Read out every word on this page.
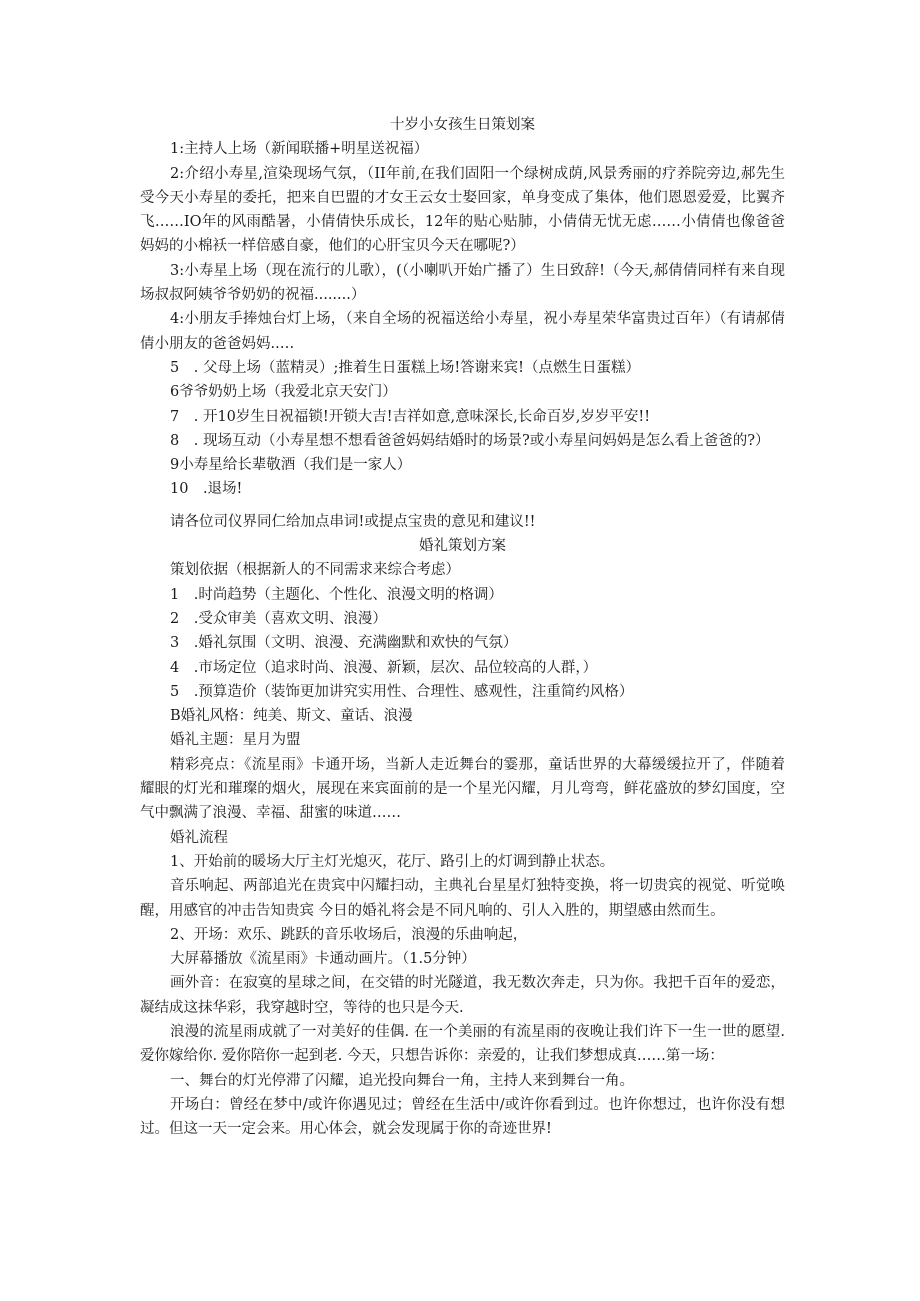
十岁小女孩生日策划案

1:主持人上场（新闻联播+明星送祝福）

2:介绍小寿星,渲染现场气氛，（II年前,在我们固阳一个绿树成荫,风景秀丽的疗养院旁边,郝先生受今天小寿星的委托，把来自巴盟的才女王云女士娶回家，单身变成了集体，他们恩恩爱爱，比翼齐飞……IO年的风雨酷暑，小倩倩快乐成长，12年的贴心贴肺，小倩倩无忧无虑……小倩倩也像爸爸妈妈的小棉袄一样倍感自豪，他们的心肝宝贝今天在哪呢?）

3:小寿星上场（现在流行的儿歌），(（小喇叭开始广播了）生日致辞!（今天,郝倩倩同样有来自现场叔叔阿姨爷爷奶奶的祝福........）

4:小朋友手捧烛台灯上场，（来自全场的祝福送给小寿星，祝小寿星荣华富贵过百年）（有请郝倩倩小朋友的爸爸妈妈..…

5　. 父母上场（蓝精灵）;推着生日蛋糕上场!答谢来宾!（点燃生日蛋糕）

6爷爷奶奶上场（我爱北京天安门）

7　. 开10岁生日祝福锁!开锁大吉!吉祥如意,意味深长,长命百岁,岁岁平安!!

8　. 现场互动（小寿星想不想看爸爸妈妈结婚时的场景?或小寿星问妈妈是怎么看上爸爸的?）

9小寿星给长辈敬酒（我们是一家人）

10　.退场!

请各位司仪界同仁给加点串词!或提点宝贵的意见和建议!!

婚礼策划方案

策划依据（根据新人的不同需求来综合考虑）

1　.时尚趋势（主题化、个性化、浪漫文明的格调）

2　.受众审美（喜欢文明、浪漫）

3　.婚礼氛围（文明、浪漫、充满幽默和欢快的气氛）

4　.市场定位（追求时尚、浪漫、新颖，层次、品位较高的人群，）

5　.预算造价（装饰更加讲究实用性、合理性、感观性，注重简约风格）

B婚礼风格：纯美、斯文、童话、浪漫

婚礼主题：星月为盟

精彩亮点：《流星雨》卡通开场，当新人走近舞台的霎那，童话世界的大幕缓缓拉开了，伴随着耀眼的灯光和璀璨的烟火，展现在来宾面前的是一个星光闪耀，月儿弯弯，鲜花盛放的梦幻国度，空气中飘满了浪漫、幸福、甜蜜的味道……

婚礼流程

1、开始前的暖场大厅主灯光熄灭，花厅、路引上的灯调到静止状态。

音乐响起、两部追光在贵宾中闪耀扫动，主典礼台星星灯独特变换，将一切贵宾的视觉、听觉唤醒，用感官的冲击告知贵宾 今日的婚礼将会是不同凡响的、引人入胜的，期望感由然而生。

2、开场：欢乐、跳跃的音乐收场后，浪漫的乐曲响起，

大屏幕播放《流星雨》卡通动画片。（1.5分钟）

画外音：在寂寞的星球之间，在交错的时光隧道，我无数次奔走，只为你。我把千百年的爱恋，凝结成这抹华彩，我穿越时空，等待的也只是今天.

浪漫的流星雨成就了一对美好的佳偶. 在一个美丽的有流星雨的夜晚让我们许下一生一世的愿望. 爱你嫁给你. 爱你陪你一起到老. 今天，只想告诉你：亲爱的，让我们梦想成真……第一场：

一、舞台的灯光停滞了闪耀，追光投向舞台一角，主持人来到舞台一角。

开场白：曾经在梦中/或许你遇见过；曾经在生活中/或许你看到过。也许你想过，也许你没有想过。但这一天一定会来。用心体会，就会发现属于你的奇迹世界!
